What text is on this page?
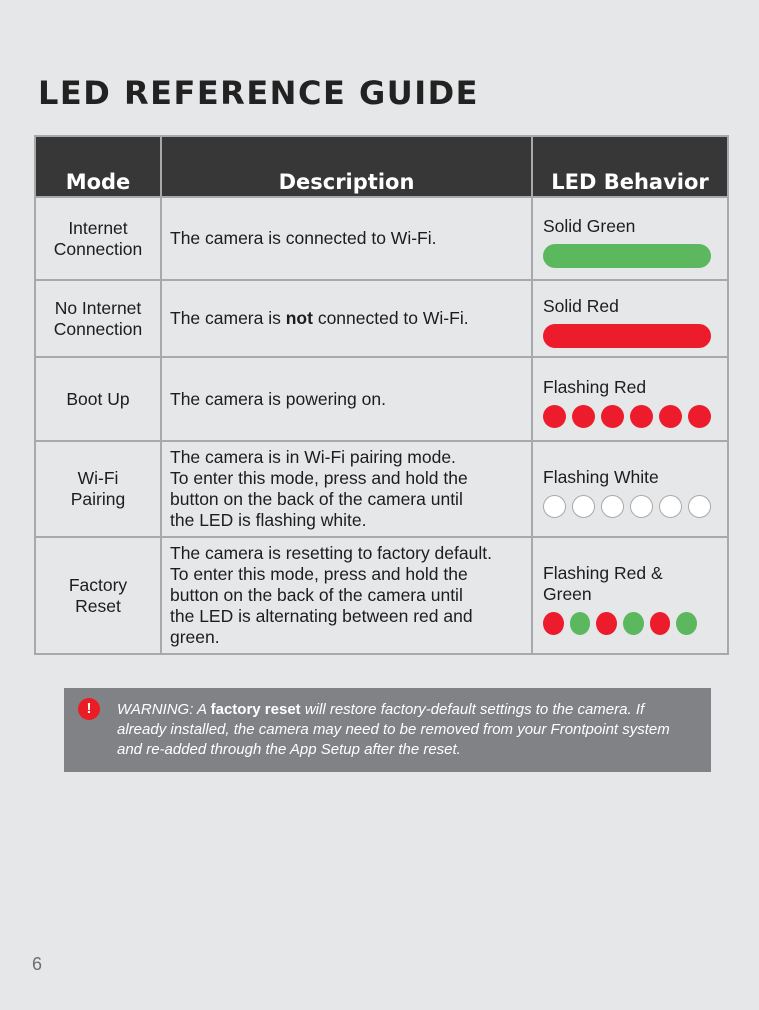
LED REFERENCE GUIDE
Mode	Description	LED Behavior
Internet
Connection	The camera is connected to Wi-Fi.	Solid Green

No Internet
Connection	The camera is not connected to Wi-Fi.	Solid Red

Boot Up	The camera is powering on.	Flashing Red

Wi-Fi
Pairing	The camera is in Wi-Fi pairing mode.
To enter this mode, press and hold the
button on the back of the camera until
the LED is flashing white.	Flashing White

Factory
Reset	The camera is resetting to factory default.
To enter this mode, press and hold the
button on the back of the camera until
the LED is alternating between red and
green.	Flashing Red & Green
WARNING: A factory reset will restore factory-default settings to the camera. If already installed, the camera may need to be removed from your Frontpoint system and re-added through the App Setup after the reset.
!
6
